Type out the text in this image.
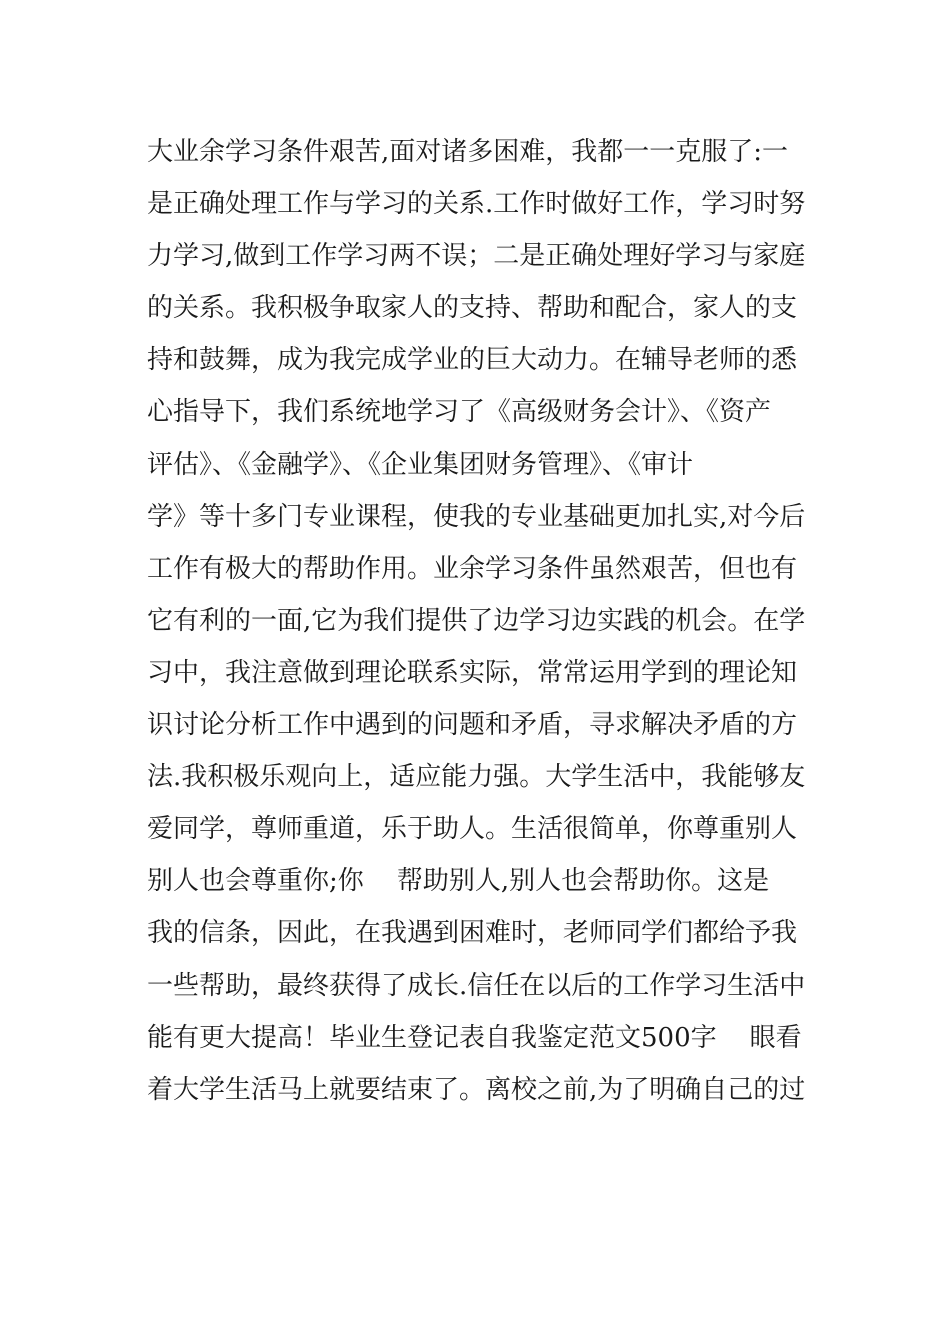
大业余学习条件艰苦,面对诸多困难，我都一一克服了:一
是正确处理工作与学习的关系.工作时做好工作，学习时努
力学习,做到工作学习两不误；二是正确处理好学习与家庭
的关系。我积极争取家人的支持、帮助和配合，家人的支
持和鼓舞，成为我完成学业的巨大动力。在辅导老师的悉
心指导下，我们系统地学习了《高级财务会计》、《资产
评估》、《金融学》、《企业集团财务管理》、《审计
学》等十多门专业课程，使我的专业基础更加扎实,对今后
工作有极大的帮助作用。业余学习条件虽然艰苦，但也有
它有利的一面,它为我们提供了边学习边实践的机会。在学
习中，我注意做到理论联系实际，常常运用学到的理论知
识讨论分析工作中遇到的问题和矛盾，寻求解决矛盾的方
法.我积极乐观向上，适应能力强。大学生活中，我能够友
爱同学，尊师重道，乐于助人。生活很简单，你尊重别人
别人也会尊重你;你    帮助别人,别人也会帮助你。这是
我的信条，因此，在我遇到困难时，老师同学们都给予我
一些帮助，最终获得了成长.信任在以后的工作学习生活中
能有更大提高！毕业生登记表自我鉴定范文500字    眼看
着大学生活马上就要结束了。离校之前,为了明确自己的过
